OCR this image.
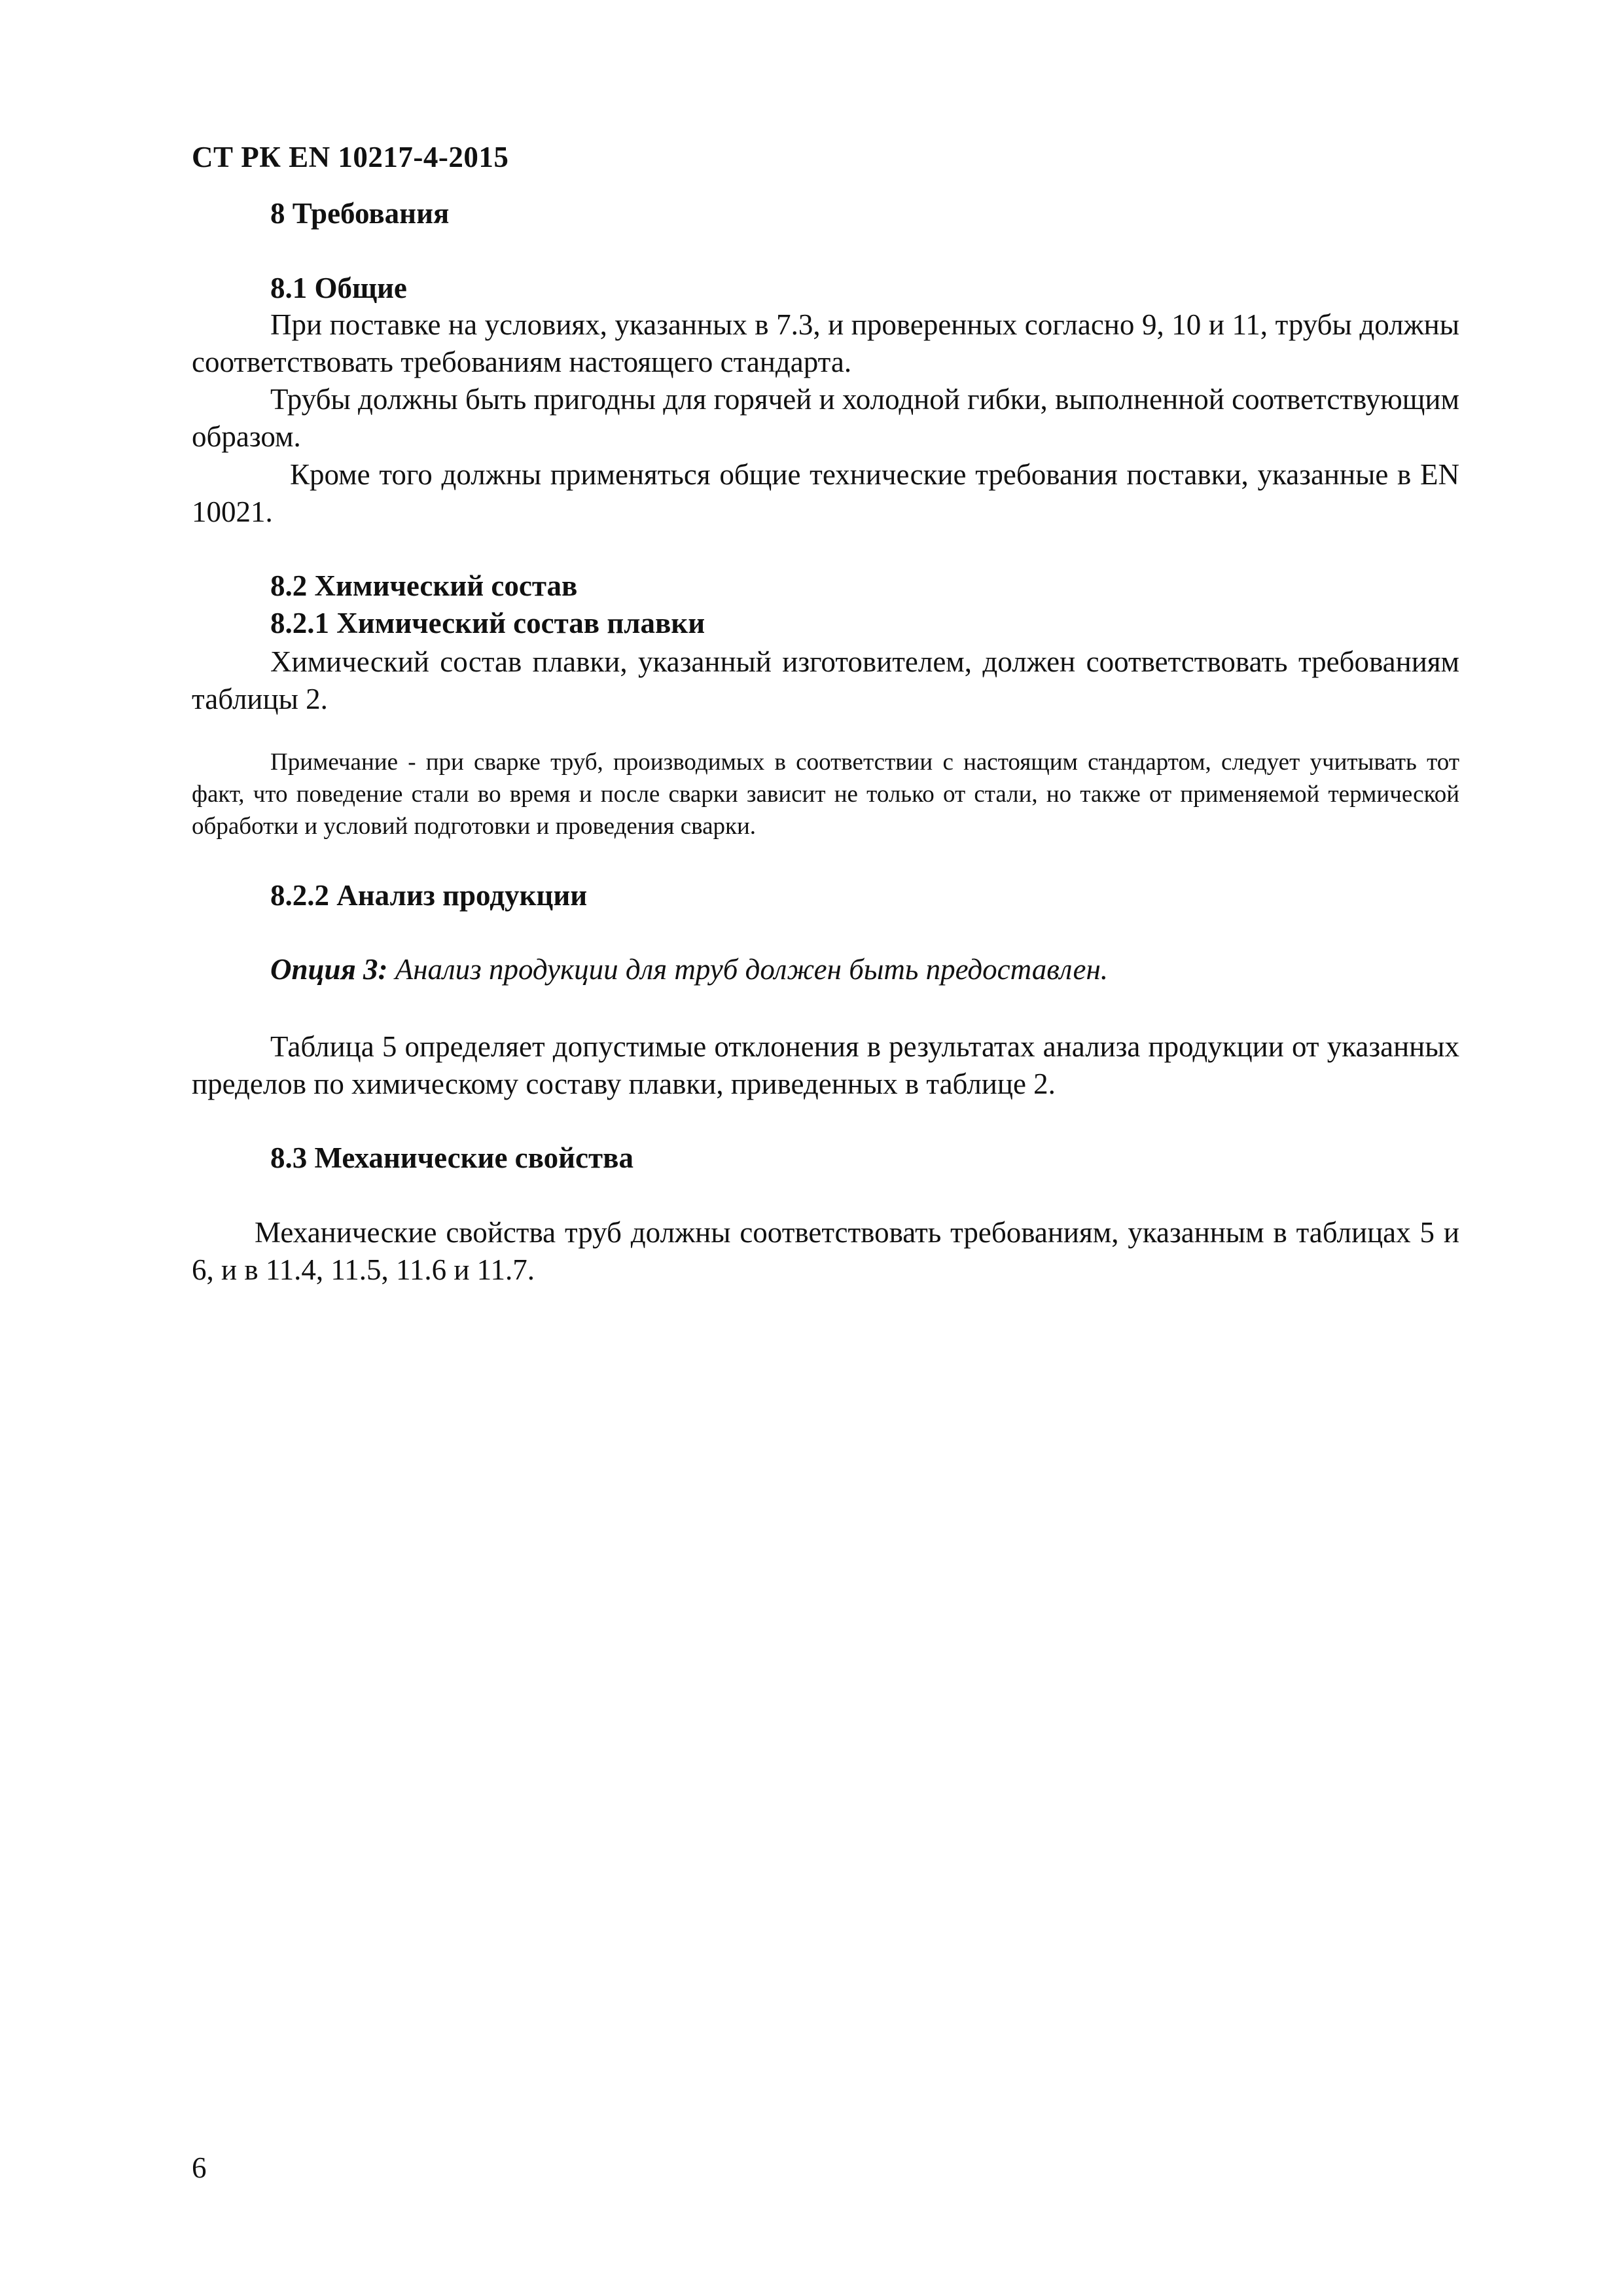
СТ РК EN 10217-4-2015
8 Требования
8.1 Общие
При поставке на условиях, указанных в 7.3, и проверенных согласно 9, 10 и 11, трубы должны соответствовать требованиям настоящего стандарта.
Трубы должны быть пригодны для горячей и холодной гибки, выполненной соответствующим образом.
Кроме того должны применяться общие технические требования поставки, указанные в EN 10021.
8.2 Химический состав
8.2.1 Химический состав плавки
Химический состав плавки, указанный изготовителем, должен соответствовать требованиям таблицы 2.
Примечание - при сварке труб, производимых в соответствии с настоящим стандартом, следует учитывать тот факт, что поведение стали во время и после сварки зависит не только от стали, но также от применяемой термической обработки и условий подготовки и проведения сварки.
8.2.2 Анализ продукции
Опция 3: Анализ продукции для труб должен быть предоставлен.
Таблица 5 определяет допустимые отклонения в результатах анализа продукции от указанных пределов по химическому составу плавки, приведенных в таблице 2.
8.3 Механические свойства
Механические свойства труб должны соответствовать требованиям, указанным в таблицах 5 и 6, и в 11.4, 11.5, 11.6 и 11.7.
6
